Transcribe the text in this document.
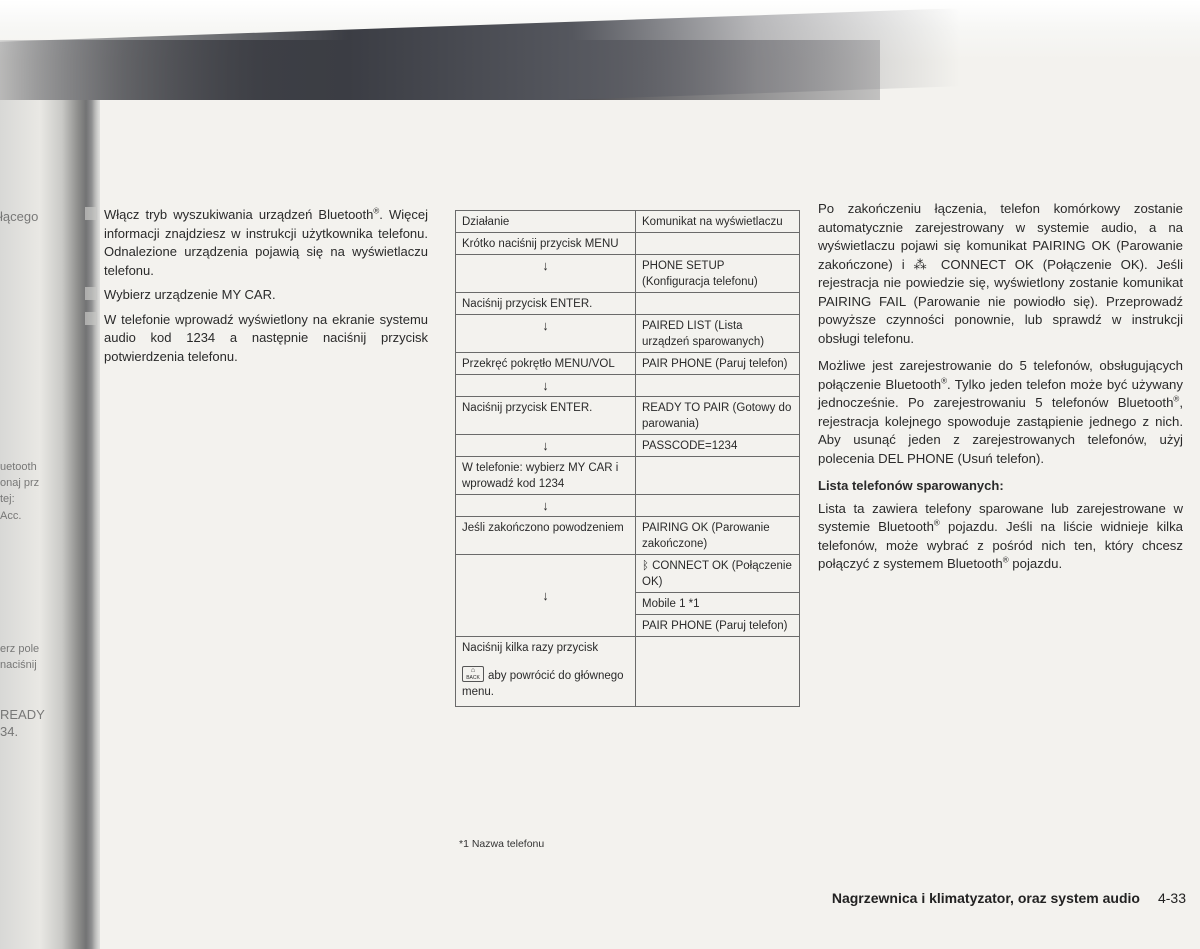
łącego
uetooth
onaj prz
tej:
Acc.
erz pole
naciśnij
READY
34.
Włącz tryb wyszukiwania urządzeń Bluetooth®. Więcej informacji znajdziesz w instrukcji użytkownika telefonu. Odnalezione urządzenia pojawią się na wyświetlaczu telefonu.
Wybierz urządzenie MY CAR.
W telefonie wprowadź wyświetlony na ekranie systemu audio kod 1234 a następnie naciśnij przycisk potwierdzenia telefonu.
Działanie	Komunikat na wyświetlaczu
Krótko naciśnij przycisk MENU	
↓	PHONE SETUP (Konfiguracja telefonu)
Naciśnij przycisk ENTER.	
↓	PAIRED LIST (Lista urządzeń sparowanych)
Przekręć pokrętło MENU/VOL	PAIR PHONE (Paruj telefon)
↓	
Naciśnij przycisk ENTER.	READY TO PAIR (Gotowy do parowania)
↓	PASSCODE=1234
W telefonie: wybierz MY CAR i wprowadź kod 1234	
↓	
Jeśli zakończono powodzeniem	PAIRING OK (Parowanie zakończone)
↓	ᛒ CONNECT OK (Połączenie OK)
	Mobile 1 *1
	PAIR PHONE (Paruj telefon)

Naciśnij kilka razy przycisk
⌂
BACK aby powrócić do głównego menu.	

*1 Nazwa telefonu

Po zakończeniu łączenia, telefon komórkowy zostanie automatycznie zarejestrowany w systemie audio, a na wyświetlaczu pojawi się komunikat PAIRING OK (Parowanie zakończone) i ⁂ CONNECT OK (Połączenie OK). Jeśli rejestracja nie powiedzie się, wyświetlony zostanie komunikat PAIRING FAIL (Parowanie nie powiodło się). Przeprowadź powyższe czynności ponownie, lub sprawdź w instrukcji obsługi telefonu.

Możliwe jest zarejestrowanie do 5 telefonów, obsługujących połączenie Bluetooth®. Tylko jeden telefon może być używany jednocześnie. Po zarejestrowaniu 5 telefonów Bluetooth®, rejestracja kolejnego spowoduje zastąpienie jednego z nich. Aby usunąć jeden z zarejestrowanych telefonów, użyj polecenia DEL PHONE (Usuń telefon).

Lista telefonów sparowanych:

Lista ta zawiera telefony sparowane lub zarejestrowane w systemie Bluetooth® pojazdu. Jeśli na liście widnieje kilka telefonów, może wybrać z pośród nich ten, który chcesz połączyć z systemem Bluetooth® pojazdu.

Nagrzewnica i klimatyzator, oraz system audio 4-33
